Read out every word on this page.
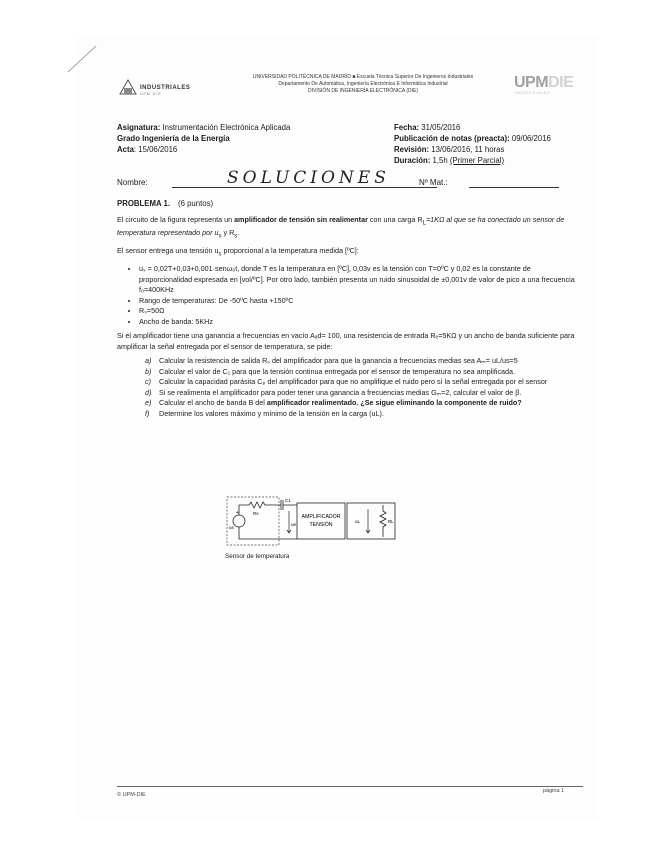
INDUSTRIALES
UPM DIE
UNIVERSIDAD POLITÉCNICA DE MADRID ■ Escuela Técnica Superior De Ingenieros Industriales
Departamento De Automática, Ingeniería Electrónica E Informática Industrial
DIVISIÓN DE INGENIERÍA ELECTRÓNICA (DIE)	UPMDIE
INDUSTRIALES
Asignatura: Instrumentación Electrónica Aplicada
Grado Ingeniería de la Energía
Acta: 15/06/2016
Fecha: 31/05/2016
Publicación de notas (preacta): 09/06/2016
Revisión: 13/06/2016, 11 horas
Duración: 1,5h (Primer Parcial)
Nombre:	SOLUCIONES	Nº Mat.:

PROBLEMA 1. (6 puntos)

El circuito de la figura representa un amplificador de tensión sin realimentar con una carga $R_L=1K\Omega$ al que se ha conectado un sensor de temperatura representado por $u_s$ y $R_s$.

El sensor entrega una tensión $u_s$ proporcional a la temperatura medida [ºC]:

• uₛ = 0,02T+0,03+0,001·senω₀t, donde T es la temperatura en [ºC], 0,03v es la tensión con T=0ºC y 0,02 es la constante de proporcionalidad expresada en [vol/ºC]. Por otro lado, también presenta un ruido sinusoidal de ±0,001v de valor de pico a una frecuencia f₀=400KHz
• Rango de temperaturas: De -50ºC hasta +150ºC
• Rₛ=50Ω
• Ancho de banda: 5KHz

Si el amplificador tiene una ganancia a frecuencias en vacío Aₐd= 100, una resistencia de entrada Rₑ=5KΩ y un ancho de banda suficiente para amplificar la señal entregada por el sensor de temperatura, se pide:

a)	Calcular la resistencia de salida Rₛ del amplificador para que la ganancia a frecuencias medias sea Aₘ= uL/us=5
b)	Calcular el valor de C₁ para que la tensión continua entregada por el sensor de temperatura no sea amplificada.
c)	Calcular la capacidad parásita Cₚ del amplificador para que no amplifique el ruido pero sí la señal entregada por el sensor
d)	Si se realimenta el amplificador para poder tener una ganancia a frecuencias medias Gₘ=2, calcular el valor de β.
e)	Calcular el ancho de banda B del amplificador realimentado. ¿Se sigue eliminando la componente de ruido?
f)	Determine los valores máximo y mínimo de la tensión en la carga (uL).
+
us
Rs
C1
ue
AMPLIFICADOR
TENSIÓN
uL	RL
Sensor de temperatura
© UPM-DIE
página 1
